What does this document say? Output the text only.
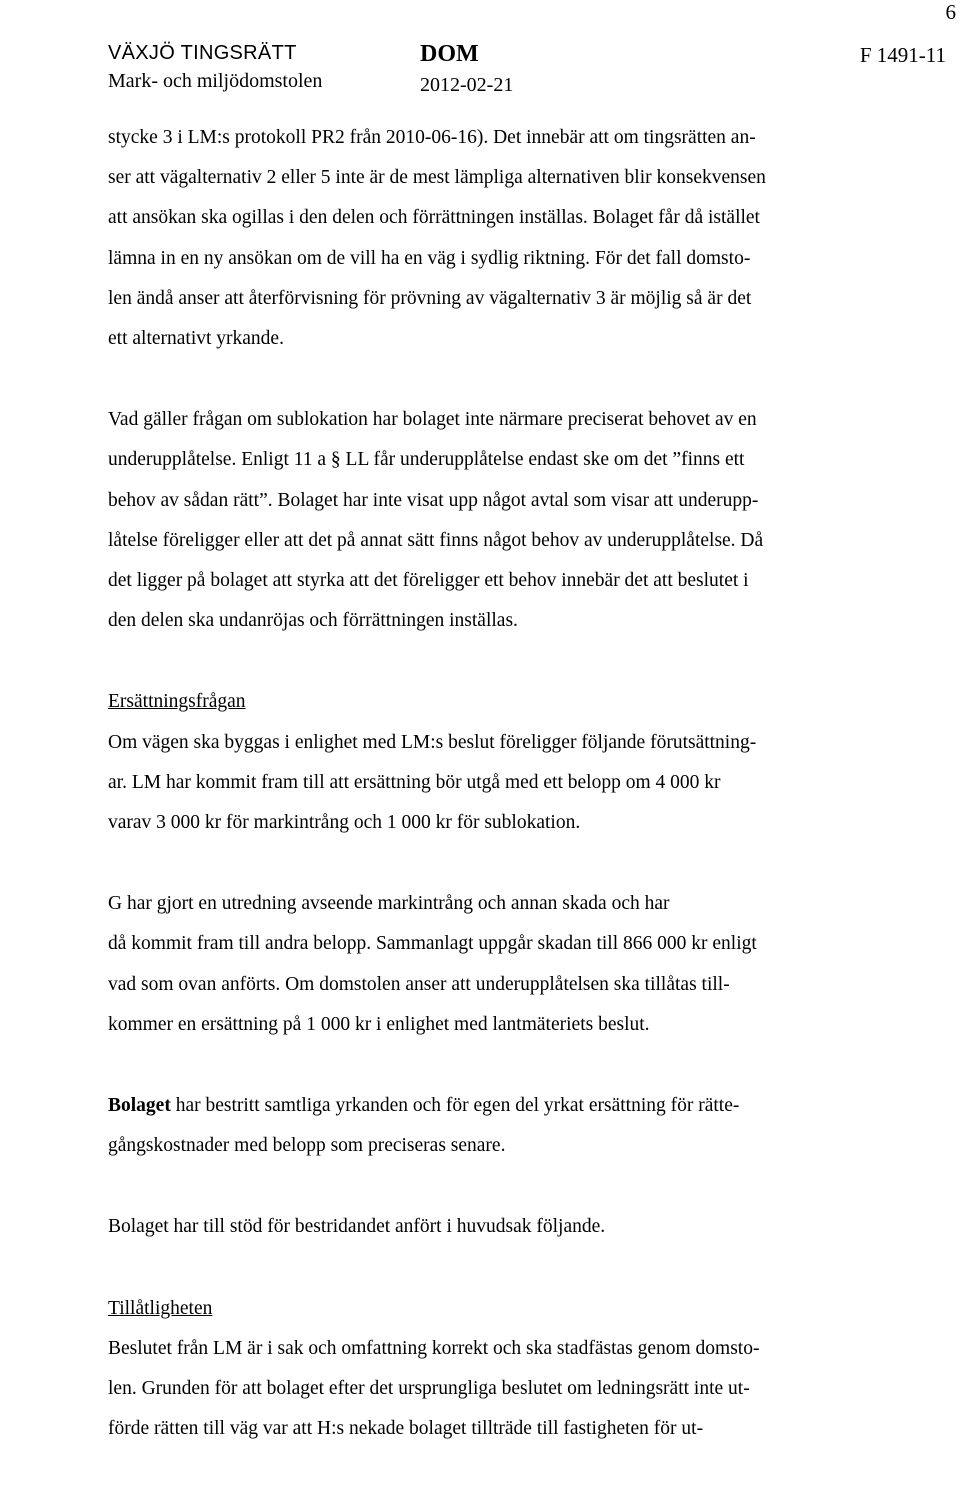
6
VÄXJÖ TINGSRÄTT
Mark- och miljödomstolen
DOM
2012-02-21
F 1491-11

stycke 3 i LM:s protokoll PR2 från 2010-06-16). Det innebär att om tingsrätten an-
ser att vägalternativ 2 eller 5 inte är de mest lämpliga alternativen blir konsekvensen
att ansökan ska ogillas i den delen och förrättningen inställas. Bolaget får då istället
lämna in en ny ansökan om de vill ha en väg i sydlig riktning. För det fall domsto-
len ändå anser att återförvisning för prövning av vägalternativ 3 är möjlig så är det
ett alternativt yrkande.

Vad gäller frågan om sublokation har bolaget inte närmare preciserat behovet av en
underupplåtelse. Enligt 11 a § LL får underupplåtelse endast ske om det ”finns ett
behov av sådan rätt”. Bolaget har inte visat upp något avtal som visar att underupp-
låtelse föreligger eller att det på annat sätt finns något behov av underupplåtelse. Då
det ligger på bolaget att styrka att det föreligger ett behov innebär det att beslutet i
den delen ska undanröjas och förrättningen inställas.

Ersättningsfrågan
Om vägen ska byggas i enlighet med LM:s beslut föreligger följande förutsättning-
ar. LM har kommit fram till att ersättning bör utgå med ett belopp om 4 000 kr
varav 3 000 kr för markintrång och 1 000 kr för sublokation.

G har gjort en utredning avseende markintrång och annan skada och har
då kommit fram till andra belopp. Sammanlagt uppgår skadan till 866 000 kr enligt
vad som ovan anförts. Om domstolen anser att underupplåtelsen ska tillåtas till-
kommer en ersättning på 1 000 kr i enlighet med lantmäteriets beslut.

Bolaget har bestritt samtliga yrkanden och för egen del yrkat ersättning för rätte-
gångskostnader med belopp som preciseras senare.

Bolaget har till stöd för bestridandet anfört i huvudsak följande.

Tillåtligheten
Beslutet från LM är i sak och omfattning korrekt och ska stadfästas genom domsto-
len. Grunden för att bolaget efter det ursprungliga beslutet om ledningsrätt inte ut-
förde rätten till väg var att H:s nekade bolaget tillträde till fastigheten för ut-
